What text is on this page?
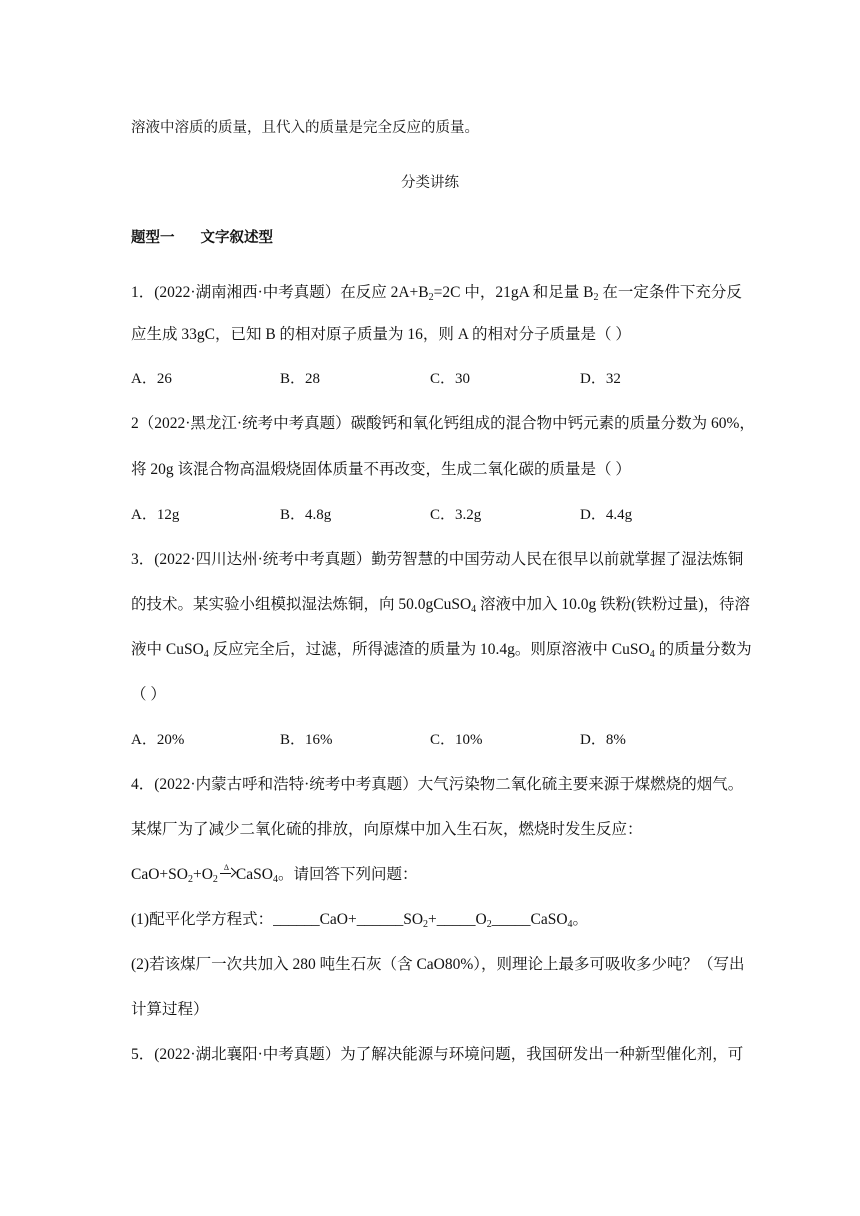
溶液中溶质的质量，且代入的质量是完全反应的质量。
分类讲练
题型一 文字叙述型
1．(2022·湖南湘西·中考真题）在反应 $2A+B_2=2C$ 中，21gA 和足量 $B_2$ 在一定条件下充分反
应生成 33gC，已知 B 的相对原子质量为 16，则 A 的相对分子质量是（ ）
A．26	B．28	C．30	D．32
2（2022·黑龙江·统考中考真题）碳酸钙和氧化钙组成的混合物中钙元素的质量分数为 60%，
将 20g 该混合物高温煅烧固体质量不再改变，生成二氧化碳的质量是（ ）
A．12g	B．4.8g	C．3.2g	D．4.4g
3．(2022·四川达州·统考中考真题）勤劳智慧的中国劳动人民在很早以前就掌握了湿法炼铜
的技术。某实验小组模拟湿法炼铜，向 50.0gCuSO$_4$ 溶液中加入 10.0g 铁粉(铁粉过量)，待溶
液中 CuSO$_4$ 反应完全后，过滤，所得滤渣的质量为 10.4g。则原溶液中 CuSO$_4$ 的质量分数为
（ ）
A．20%	B．16%	C．10%	D．8%
4．(2022·内蒙古呼和浩特·统考中考真题）大气污染物二氧化硫主要来源于煤燃烧的烟气。
某煤厂为了减少二氧化硫的排放，向原煤中加入生石灰，燃烧时发生反应：
$CaO+SO_2+O_2$
Δ CaSO$_4$。请回答下列问题：
(1)配平化学方程式：$\_\_\_\_\_\_CaO+\_\_\_\_\_\_SO_2+\_\_\_\_\_O_2\_\_\_\_\_CaSO_4$。
(2)若该煤厂一次共加入 280 吨生石灰（含 CaO80%），则理论上最多可吸收多少吨？（写出
计算过程）
5．(2022·湖北襄阳·中考真题）为了解决能源与环境问题，我国研发出一种新型催化剂，可
